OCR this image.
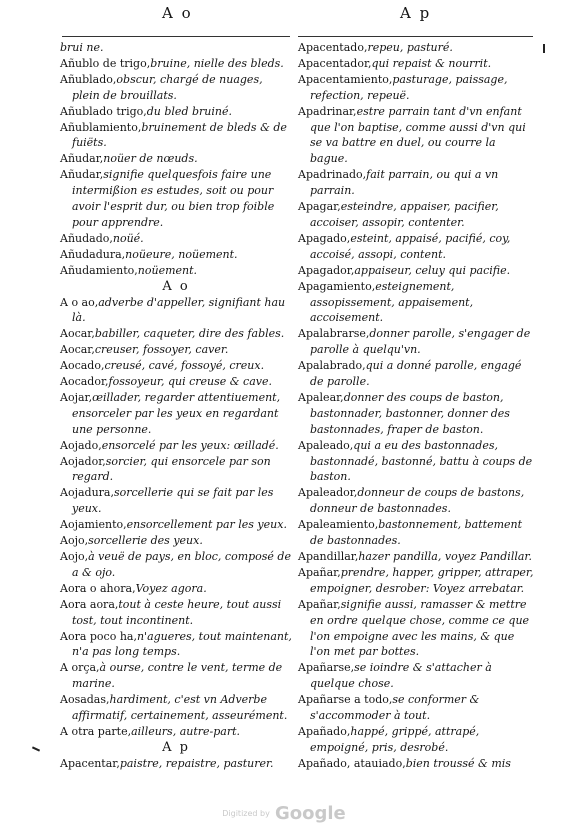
A o	A p

brui ne.

Añublo de trigo,bruine, nielle des bleds.

Añublado,obscur, chargé de nuages, plein de brouillats.

Añublado trigo,du bled bruiné.

Añublamiento,bruinement de bleds & de fuiëts.

Añudar,noüer de nœuds.

Añudar,signifie quelquesfois faire une intermißion es estudes, soit ou pour avoir l'esprit dur, ou bien trop foible pour apprendre.

Añudado,noüé.

Añudadura,noüeure, noüement.

Añudamiento,noüement.

A o

A o ao,adverbe d'appeller, signifiant hau là.

Aocar,babiller, caqueter, dire des fables.

Aocar,creuser, fossoyer, caver.

Aocado,creusé, cavé, fossoyé, creux.

Aocador,fossoyeur, qui creuse & cave.

Aojar,œillader, regarder attentiuement, ensorceler par les yeux en regardant une personne.

Aojado,ensorcelé par les yeux: œilladé.

Aojador,sorcier, qui ensorcele par son regard.

Aojadura,sorcellerie qui se fait par les yeux.

Aojamiento,ensorcellement par les yeux.

Aojo,sorcellerie des yeux.

Aojo,à veuë de pays, en bloc, composé de a & ojo.

Aora o ahora,Voyez agora.

Aora aora,tout à ceste heure, tout aussi tost, tout incontinent.

Aora poco ha,n'agueres, tout maintenant, n'a pas long temps.

A orça,à ourse, contre le vent, terme de marine.

Aosadas,hardiment, c'est vn Adverbe affirmatif, certainement, asseurément.

A otra parte,ailleurs, autre-part.

A p

Apacentar,paistre, repaistre, pasturer.

Apacentado,repeu, pasturé.

Apacentador,qui repaist & nourrit.

Apacentamiento,pasturage, paissage, refection, repeuë.

Apadrinar,estre parrain tant d'vn enfant que l'on baptise, comme aussi d'vn qui se va battre en duel, ou courre la bague.

Apadrinado,fait parrain, ou qui a vn parrain.

Apagar,esteindre, appaiser, pacifier, accoiser, assopir, contenter.

Apagado,esteint, appaisé, pacifié, coy, accoisé, assopi, content.

Apagador,appaiseur, celuy qui pacifie.

Apagamiento,esteignement, assopissement, appaisement, accoisement.

Apalabrarse,donner parolle, s'engager de parolle à quelqu'vn.

Apalabrado,qui a donné parolle, engagé de parolle.

Apalear,donner des coups de baston, bastonnader, bastonner, donner des bastonnades, fraper de baston.

Apaleado,qui a eu des bastonnades, bastonnadé, bastonné, battu à coups de baston.

Apaleador,donneur de coups de bastons, donneur de bastonnades.

Apaleamiento,bastonnement, battement de bastonnades.

Apandillar,hazer pandilla, voyez Pandillar.

Apañar,prendre, happer, gripper, attraper, empoigner, desrober: Voyez arrebatar.

Apañar,signifie aussi, ramasser & mettre en ordre quelque chose, comme ce que l'on empoigne avec les mains, & que l'on met par bottes.

Apañarse,se ioindre & s'attacher à quelque chose.

Apañarse a todo,se conformer & s'accommoder à tout.

Apañado,happé, grippé, attrapé, empoigné, pris, desrobé.

Apañado, atauiado,bien troussé & mis

Digitized by Google
